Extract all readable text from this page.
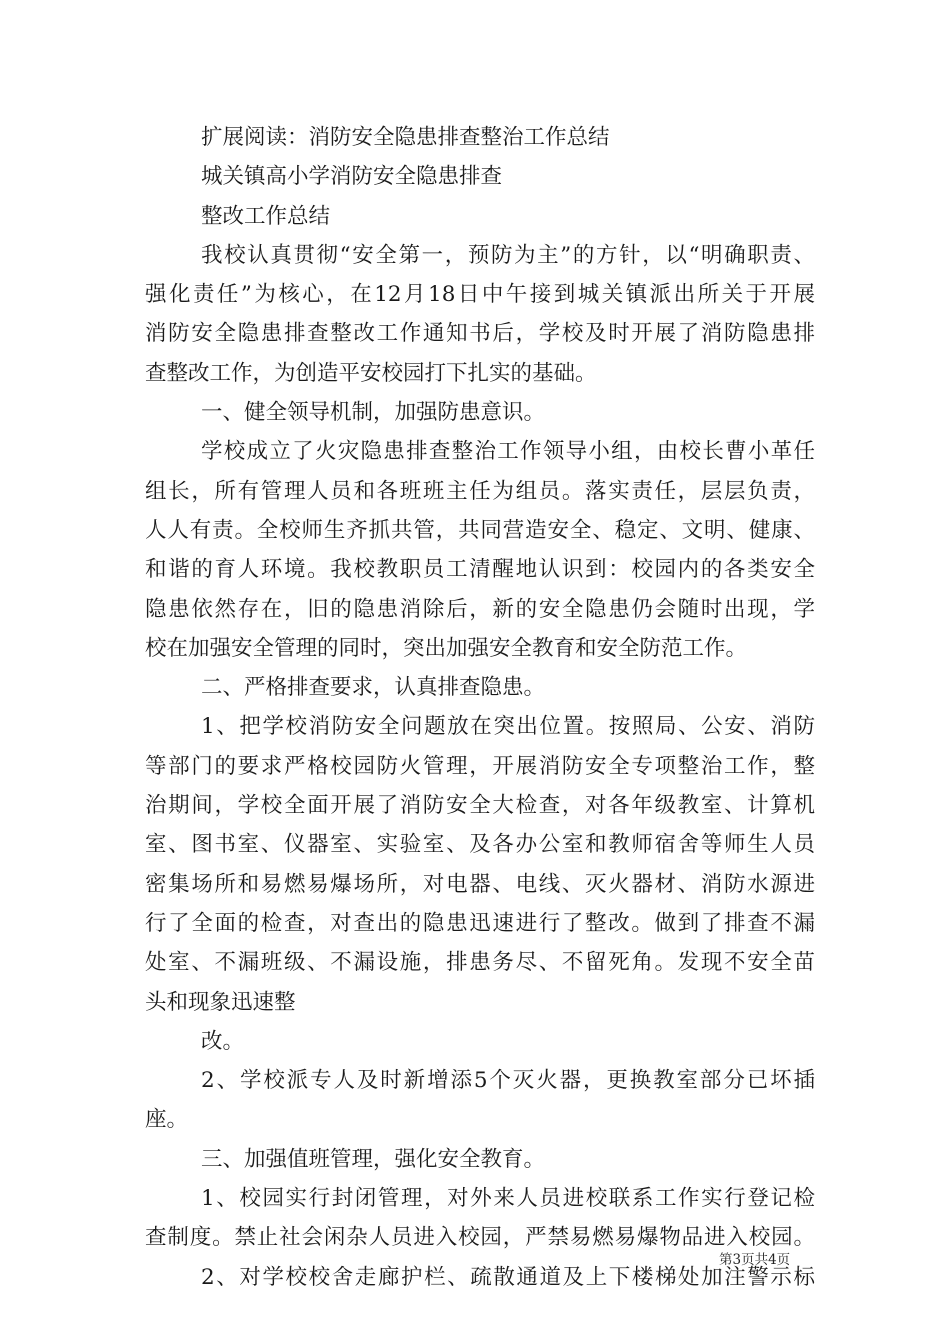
扩展阅读：消防安全隐患排查整治工作总结
城关镇高小学消防安全隐患排查
整改工作总结
我校认真贯彻“安全第一，预防为主”的方针，以“明确职责、
强化责任”为核心，在12月18日中午接到城关镇派出所关于开展
消防安全隐患排查整改工作通知书后，学校及时开展了消防隐患排
查整改工作，为创造平安校园打下扎实的基础。
一、健全领导机制，加强防患意识。
学校成立了火灾隐患排查整治工作领导小组，由校长曹小革任
组长，所有管理人员和各班班主任为组员。落实责任，层层负责，
人人有责。全校师生齐抓共管，共同营造安全、稳定、文明、健康、
和谐的育人环境。我校教职员工清醒地认识到：校园内的各类安全
隐患依然存在，旧的隐患消除后，新的安全隐患仍会随时出现，学
校在加强安全管理的同时，突出加强安全教育和安全防范工作。
二、严格排查要求，认真排查隐患。
1、把学校消防安全问题放在突出位置。按照局、公安、消防
等部门的要求严格校园防火管理，开展消防安全专项整治工作，整
治期间，学校全面开展了消防安全大检查，对各年级教室、计算机
室、图书室、仪器室、实验室、及各办公室和教师宿舍等师生人员
密集场所和易燃易爆场所，对电器、电线、灭火器材、消防水源进
行了全面的检查，对查出的隐患迅速进行了整改。做到了排查不漏
处室、不漏班级、不漏设施，排患务尽、不留死角。发现不安全苗
头和现象迅速整
改。
2、学校派专人及时新增添5个灭火器，更换教室部分已坏插
座。
三、加强值班管理，强化安全教育。
1、校园实行封闭管理，对外来人员进校联系工作实行登记检
查制度。禁止社会闲杂人员进入校园，严禁易燃易爆物品进入校园。
2、对学校校舍走廊护栏、疏散通道及上下楼梯处加注警示标
第3页共4页
